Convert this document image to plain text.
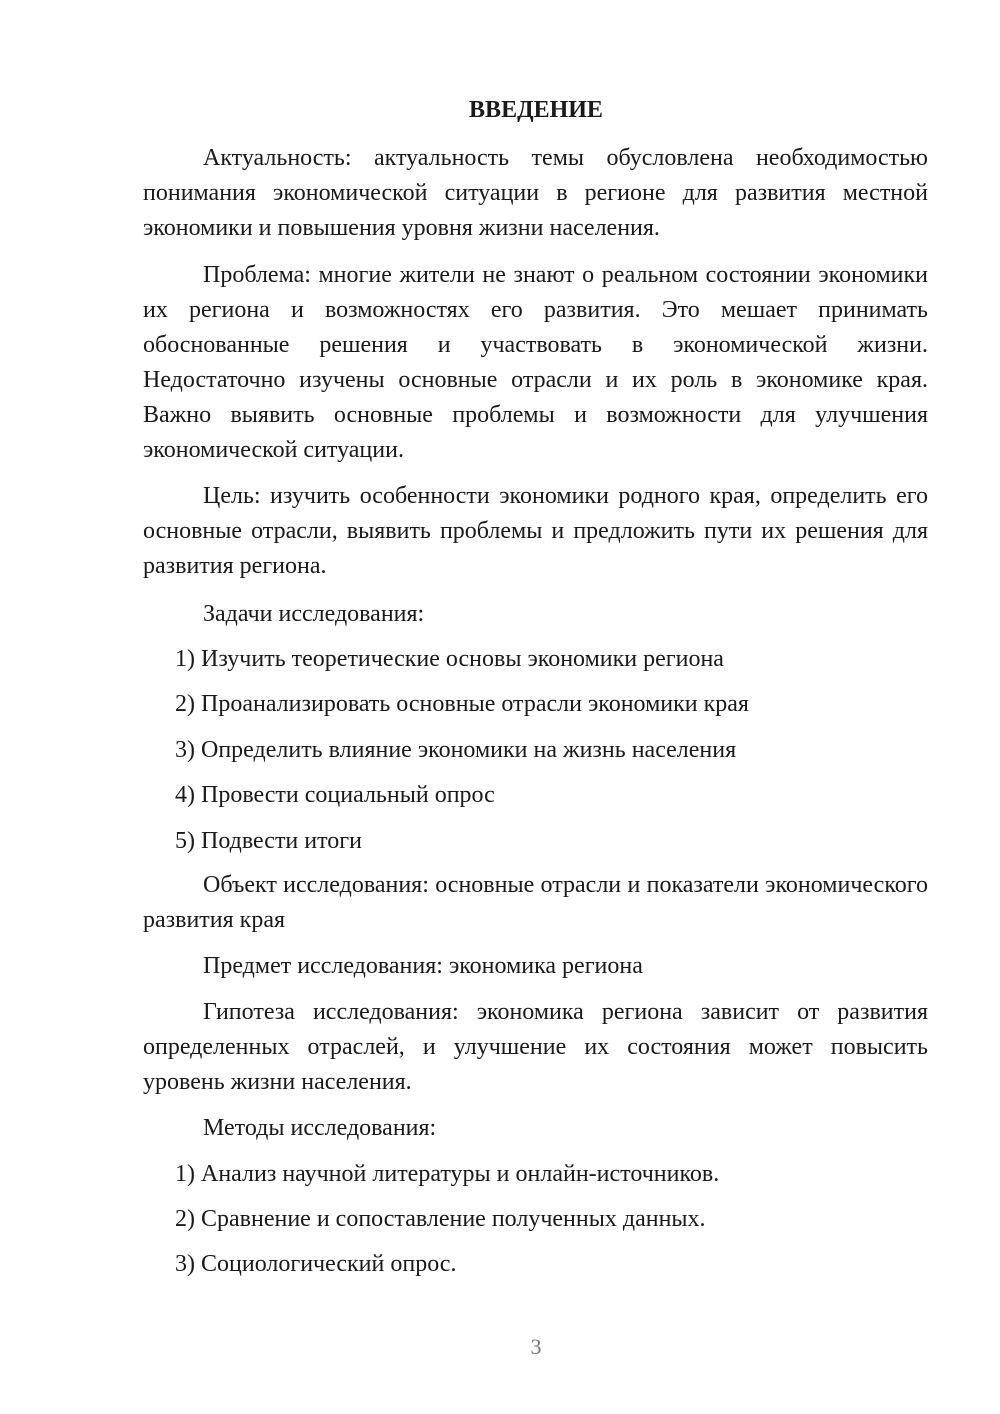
ВВЕДЕНИЕ

Актуальность: актуальность темы обусловлена необходимостью понимания экономической ситуации в регионе для развития местной экономики и повышения уровня жизни населения.

Проблема: многие жители не знают о реальном состоянии экономики их региона и возможностях его развития. Это мешает принимать обоснованные решения и участвовать в экономической жизни. Недостаточно изучены основные отрасли и их роль в экономике края. Важно выявить основные проблемы и возможности для улучшения экономической ситуации.

Цель: изучить особенности экономики родного края, определить его основные отрасли, выявить проблемы и предложить пути их решения для развития региона.

Задачи исследования:

1) Изучить теоретические основы экономики региона

2) Проанализировать основные отрасли экономики края

3) Определить влияние экономики на жизнь населения

4) Провести социальный опрос

5) Подвести итоги

Объект исследования: основные отрасли и показатели экономического развития края

Предмет исследования: экономика региона

Гипотеза исследования: экономика региона зависит от развития определенных отраслей, и улучшение их состояния может повысить уровень жизни населения.

Методы исследования:

1) Анализ научной литературы и онлайн-источников.

2) Сравнение и сопоставление полученных данных.

3) Социологический опрос.

3
